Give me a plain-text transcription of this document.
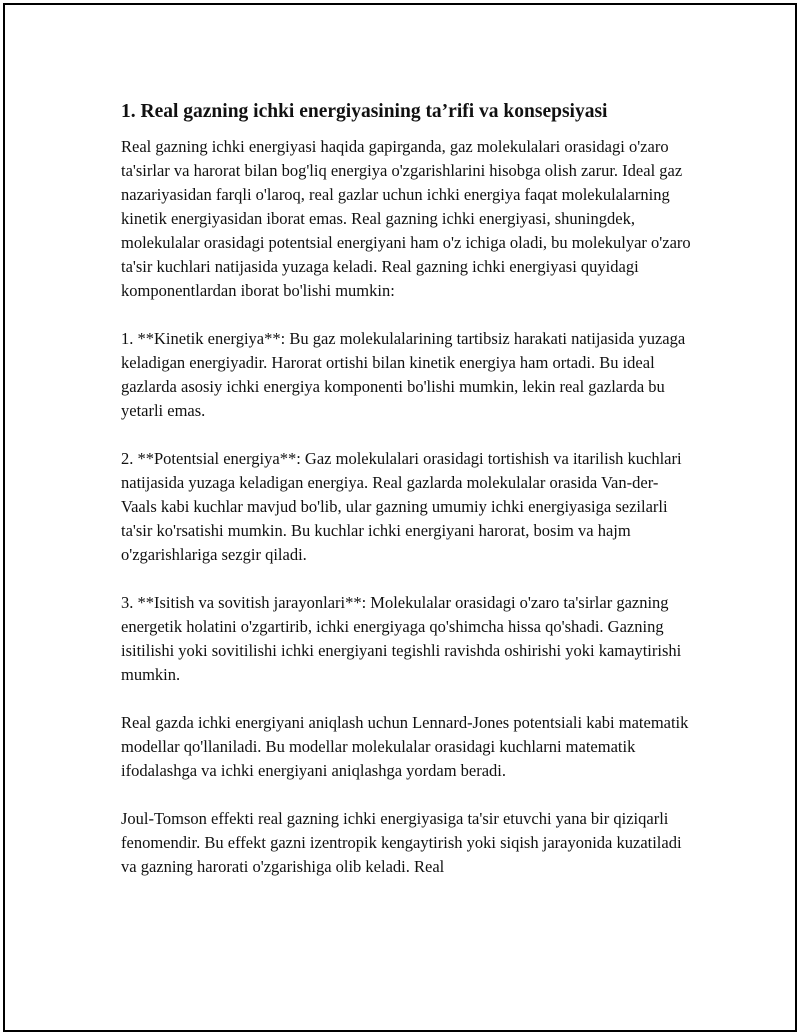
1. Real gazning ichki energiyasining ta’rifi va konsepsiyasi

Real gazning ichki energiyasi haqida gapirganda, gaz molekulalari orasidagi o'zaro ta'sirlar va harorat bilan bog'liq energiya o'zgarishlarini hisobga olish zarur. Ideal gaz nazariyasidan farqli o'laroq, real gazlar uchun ichki energiya faqat molekulalarning kinetik energiyasidan iborat emas. Real gazning ichki energiyasi, shuningdek, molekulalar orasidagi potentsial energiyani ham o'z ichiga oladi, bu molekulyar o'zaro ta'sir kuchlari natijasida yuzaga keladi. Real gazning ichki energiyasi quyidagi komponentlardan iborat bo'lishi mumkin:

1. **Kinetik energiya**: Bu gaz molekulalarining tartibsiz harakati natijasida yuzaga keladigan energiyadir. Harorat ortishi bilan kinetik energiya ham ortadi. Bu ideal gazlarda asosiy ichki energiya komponenti bo'lishi mumkin, lekin real gazlarda bu yetarli emas.

2. **Potentsial energiya**: Gaz molekulalari orasidagi tortishish va itarilish kuchlari natijasida yuzaga keladigan energiya. Real gazlarda molekulalar orasida Van-der-Vaals kabi kuchlar mavjud bo'lib, ular gazning umumiy ichki energiyasiga sezilarli ta'sir ko'rsatishi mumkin. Bu kuchlar ichki energiyani harorat, bosim va hajm o'zgarishlariga sezgir qiladi.

3. **Isitish va sovitish jarayonlari**: Molekulalar orasidagi o'zaro ta'sirlar gazning energetik holatini o'zgartirib, ichki energiyaga qo'shimcha hissa qo'shadi. Gazning isitilishi yoki sovitilishi ichki energiyani tegishli ravishda oshirishi yoki kamaytirishi mumkin.

Real gazda ichki energiyani aniqlash uchun Lennard-Jones potentsiali kabi matematik modellar qo'llaniladi. Bu modellar molekulalar orasidagi kuchlarni matematik ifodalashga va ichki energiyani aniqlashga yordam beradi.

Joul-Tomson effekti real gazning ichki energiyasiga ta'sir etuvchi yana bir qiziqarli fenomendir. Bu effekt gazni izentropik kengaytirish yoki siqish jarayonida kuzatiladi va gazning harorati o'zgarishiga olib keladi. Real
